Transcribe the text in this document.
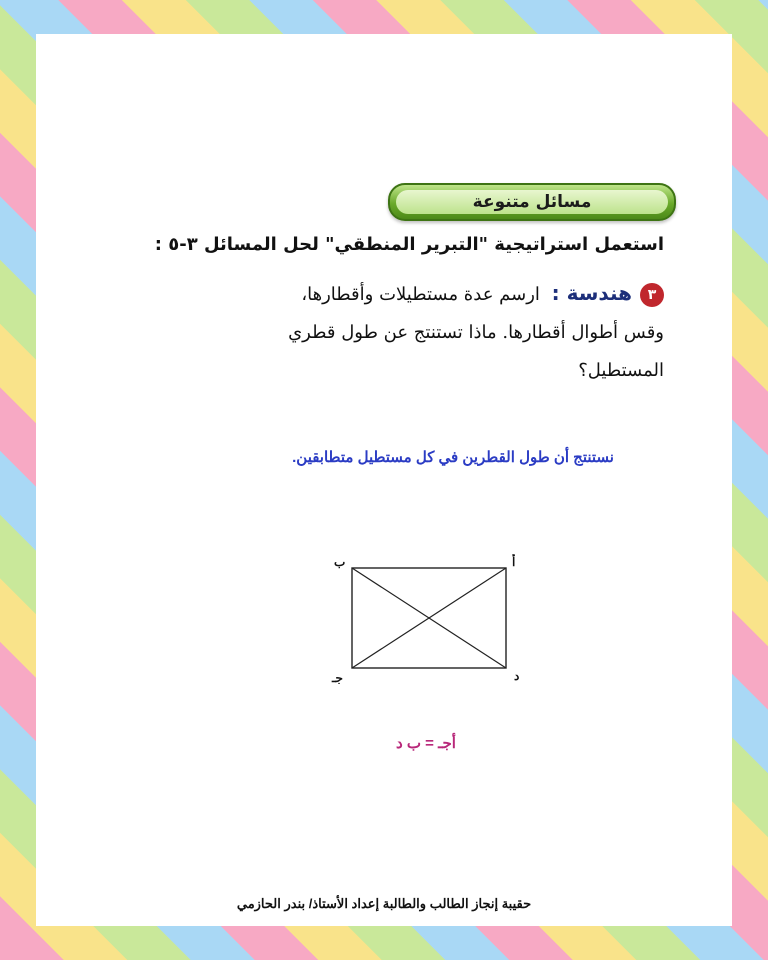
مسائل متنوعة
استعمل استراتيجية "التبرير المنطقي" لحل المسائل ٣-٥ :
٣هندسة : ارسم عدة مستطيلات وأقطارها،
وقس أطوال أقطارها. ماذا تستنتج عن طول قطري
المستطيل؟
نستنتج أن طول القطرين في كل مستطيل متطابقين.
أ
ب
جـ	د
أجـ = ب د
حقيبة إنجاز الطالب والطالبة إعداد الأستاذ/ بندر الحازمي
